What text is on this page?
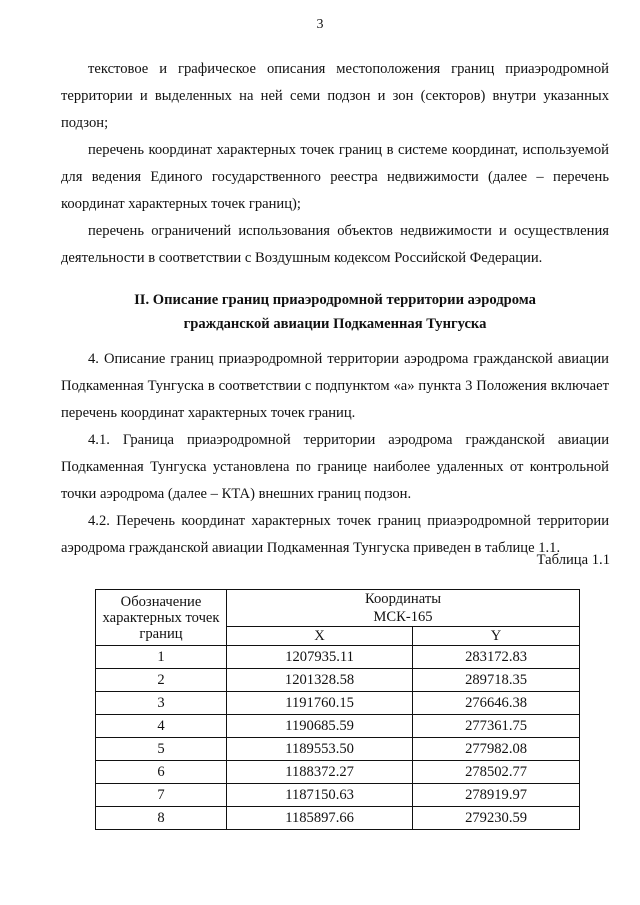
3

текстовое и графическое описания местоположения границ приаэродромной территории и выделенных на ней семи подзон и зон (секторов) внутри указанных подзон;

перечень координат характерных точек границ в системе координат, используемой для ведения Единого государственного реестра недвижимости (далее – перечень координат характерных точек границ);

перечень ограничений использования объектов недвижимости и осуществления деятельности в соответствии с Воздушным кодексом Российской Федерации.

II. Описание границ приаэродромной территории аэродрома
гражданской авиации Подкаменная Тунгуска

4. Описание границ приаэродромной территории аэродрома гражданской авиации Подкаменная Тунгуска в соответствии с подпунктом «а» пункта 3 Положения включает перечень координат характерных точек границ.

4.1. Граница приаэродромной территории аэродрома гражданской авиации Подкаменная Тунгуска установлена по границе наиболее удаленных от контрольной точки аэродрома (далее – КТА) внешних границ подзон.

4.2. Перечень координат характерных точек границ приаэродромной территории аэродрома гражданской авиации Подкаменная Тунгуска приведен в таблице 1.1.

Таблица 1.1
Обозначение характерных точек границ	Координаты
МСК-165	

	X	Y
1	1207935.11	283172.83
2	1201328.58	289718.35
3	1191760.15	276646.38
4	1190685.59	277361.75
5	1189553.50	277982.08
6	1188372.27	278502.77
7	1187150.63	278919.97
8	1185897.66	279230.59
